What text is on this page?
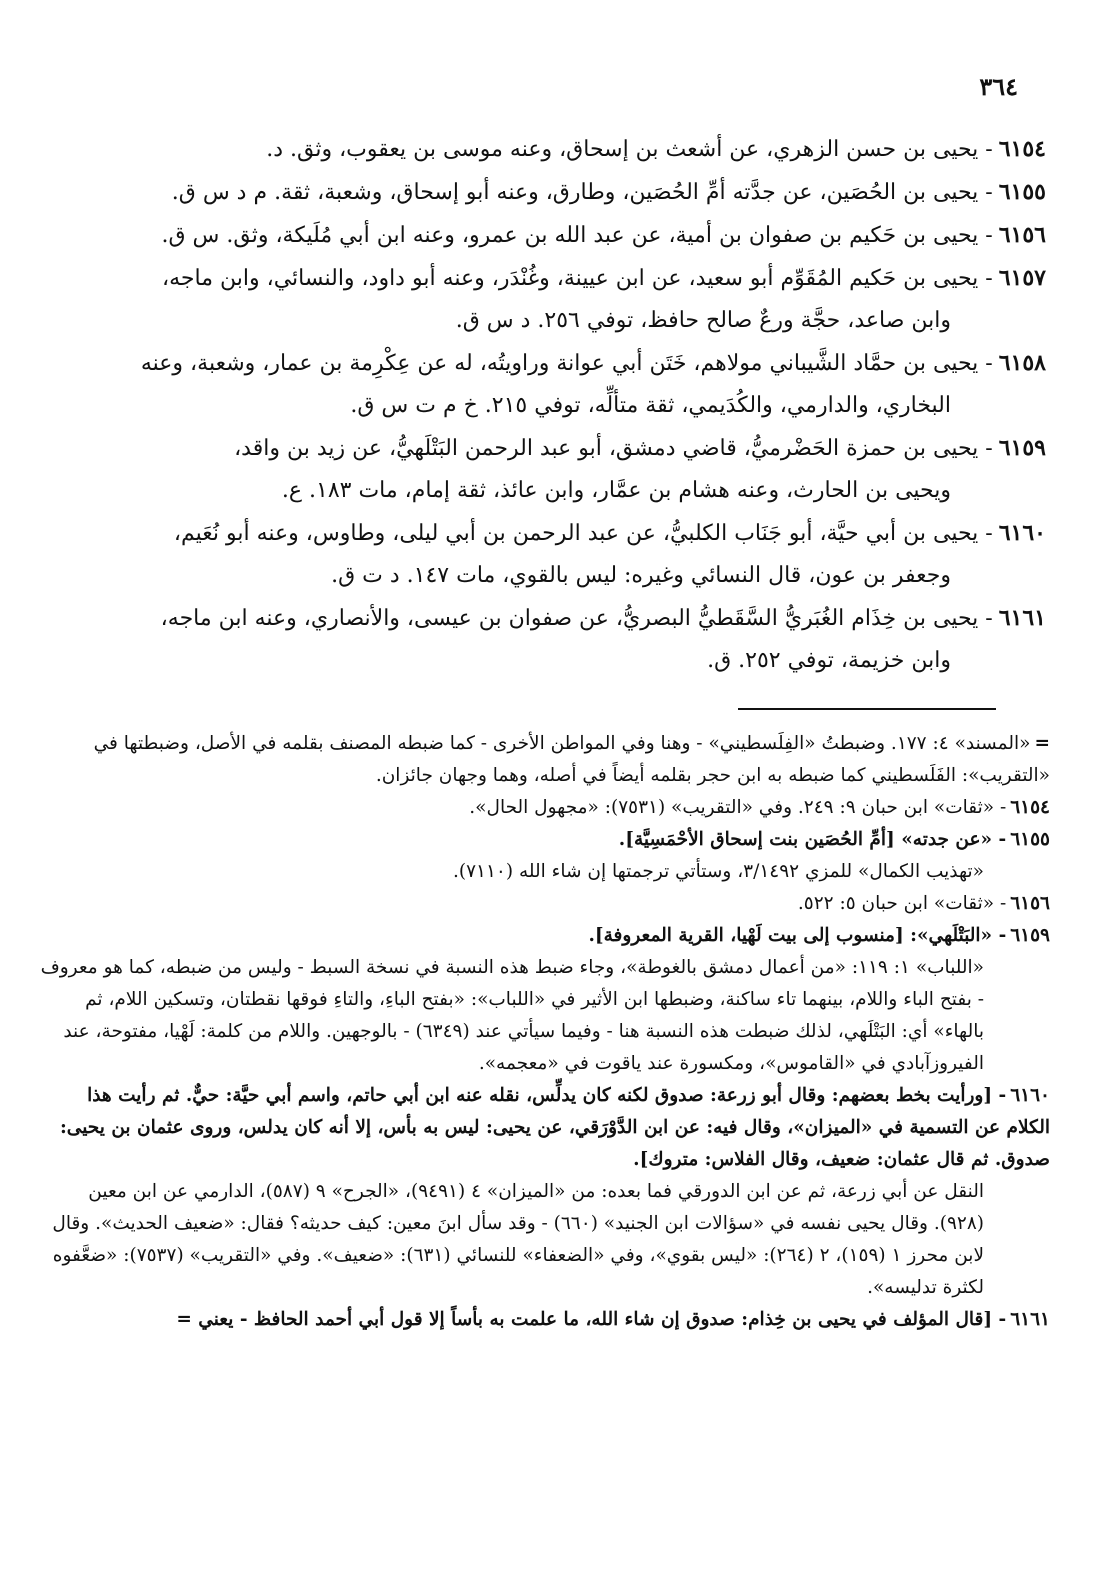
٣٦٤
٦١٥٤- يحيى بن حسن الزهري، عن أشعث بن إسحاق، وعنه موسى بن يعقوب، وثق. د.
٦١٥٥- يحيى بن الحُصَين، عن جدَّته أمِّ الحُصَين، وطارق، وعنه أبو إسحاق، وشعبة، ثقة. م د س ق.
٦١٥٦- يحيى بن حَكيم بن صفوان بن أمية، عن عبد الله بن عمرو، وعنه ابن أبي مُلَيكة، وثق. س ق.
٦١٥٧- يحيى بن حَكيم المُقَوِّم أبو سعيد، عن ابن عيينة، وغُنْدَر، وعنه أبو داود، والنسائي، وابن ماجه،
وابن صاعد، حجَّة ورعٌ صالح حافظ، توفي ٢٥٦. د س ق.
٦١٥٨- يحيى بن حمَّاد الشَّيباني مولاهم، خَتَن أبي عوانة وراويتُه، له عن عِكْرِمة بن عمار، وشعبة، وعنه
البخاري، والدارمي، والكُدَيمي، ثقة متألِّه، توفي ٢١٥. خ م ت س ق.
٦١٥٩- يحيى بن حمزة الحَضْرميُّ، قاضي دمشق، أبو عبد الرحمن البَتْلَهيُّ، عن زيد بن واقد،
ويحيى بن الحارث، وعنه هشام بن عمَّار، وابن عائذ، ثقة إمام، مات ١٨٣. ع.
٦١٦٠- يحيى بن أبي حيَّة، أبو جَنَاب الكلبيُّ، عن عبد الرحمن بن أبي ليلى، وطاوس، وعنه أبو نُعَيم،
وجعفر بن عون، قال النسائي وغيره: ليس بالقوي، مات ١٤٧. د ت ق.
٦١٦١- يحيى بن خِذَام الغُبَريُّ السَّقَطيُّ البصريُّ، عن صفوان بن عيسى، والأنصاري، وعنه ابن ماجه،
وابن خزيمة، توفي ٢٥٢. ق.

=«المسند» ٤: ١٧٧. وضبطتُ «الفِلَسطيني» - وهنا وفي المواطن الأخرى - كما ضبطه المصنف بقلمه في الأصل، وضبطتها في «التقريب»: الفَلَسطيني كما ضبطه به ابن حجر بقلمه أيضاً في أصله، وهما وجهان جائزان.

٦١٥٤- «ثقات» ابن حبان ٩: ٢٤٩. وفي «التقريب» (٧٥٣١): «مجهول الحال».

٦١٥٥- «عن جدته» [أمِّ الحُصَين بنت إسحاق الأحْمَسِيَّة].

«تهذيب الكمال» للمزي ٣/١٤٩٢، وستأتي ترجمتها إن شاء الله (٧١١٠).

٦١٥٦- «ثقات» ابن حبان ٥: ٥٢٢.

٦١٥٩- «البَتْلَهي»: [منسوب إلى بيت لَهْيا، القرية المعروفة].

«اللباب» ١: ١١٩: «من أعمال دمشق بالغوطة»، وجاء ضبط هذه النسبة في نسخة السبط - وليس من ضبطه، كما هو معروف - بفتح الباء واللام، بينهما تاء ساكنة، وضبطها ابن الأثير في «اللباب»: «بفتح الباءِ، والتاءِ فوقها نقطتان، وتسكين اللام، ثم بالهاء» أي: البَتْلَهي، لذلك ضبطت هذه النسبة هنا - وفيما سيأتي عند (٦٣٤٩) - بالوجهين. واللام من كلمة: لَهْيا، مفتوحة، عند الفيروزآبادي في «القاموس»، ومكسورة عند ياقوت في «معجمه».

٦١٦٠- [ورأيت بخط بعضهم: وقال أبو زرعة: صدوق لكنه كان يدلِّس، نقله عنه ابن أبي حاتم، واسم أبي حيَّة: حيٌّ. ثم رأيت هذا الكلام عن التسمية في «الميزان»، وقال فيه: عن ابن الدَّوْرَقي، عن يحيى: ليس به بأس، إلا أنه كان يدلس، وروى عثمان بن يحيى: صدوق. ثم قال عثمان: ضعيف، وقال الفلاس: متروك].

النقل عن أبي زرعة، ثم عن ابن الدورقي فما بعده: من «الميزان» ٤ (٩٤٩١)، «الجرح» ٩ (٥٨٧)، الدارمي عن ابن معين (٩٢٨). وقال يحيى نفسه في «سؤالات ابن الجنيد» (٦٦٠) - وقد سأل ابنَ معين: كيف حديثه؟ فقال: «ضعيف الحديث». وقال لابن محرز ١ (١٥٩)، ٢ (٢٦٤): «ليس بقوي»، وفي «الضعفاء» للنسائي (٦٣١): «ضعيف». وفي «التقريب» (٧٥٣٧): «ضعَّفوه لكثرة تدليسه».

٦١٦١- [قال المؤلف في يحيى بن خِذام: صدوق إن شاء الله، ما علمت به بأساً إلا قول أبي أحمد الحافظ - يعني =
